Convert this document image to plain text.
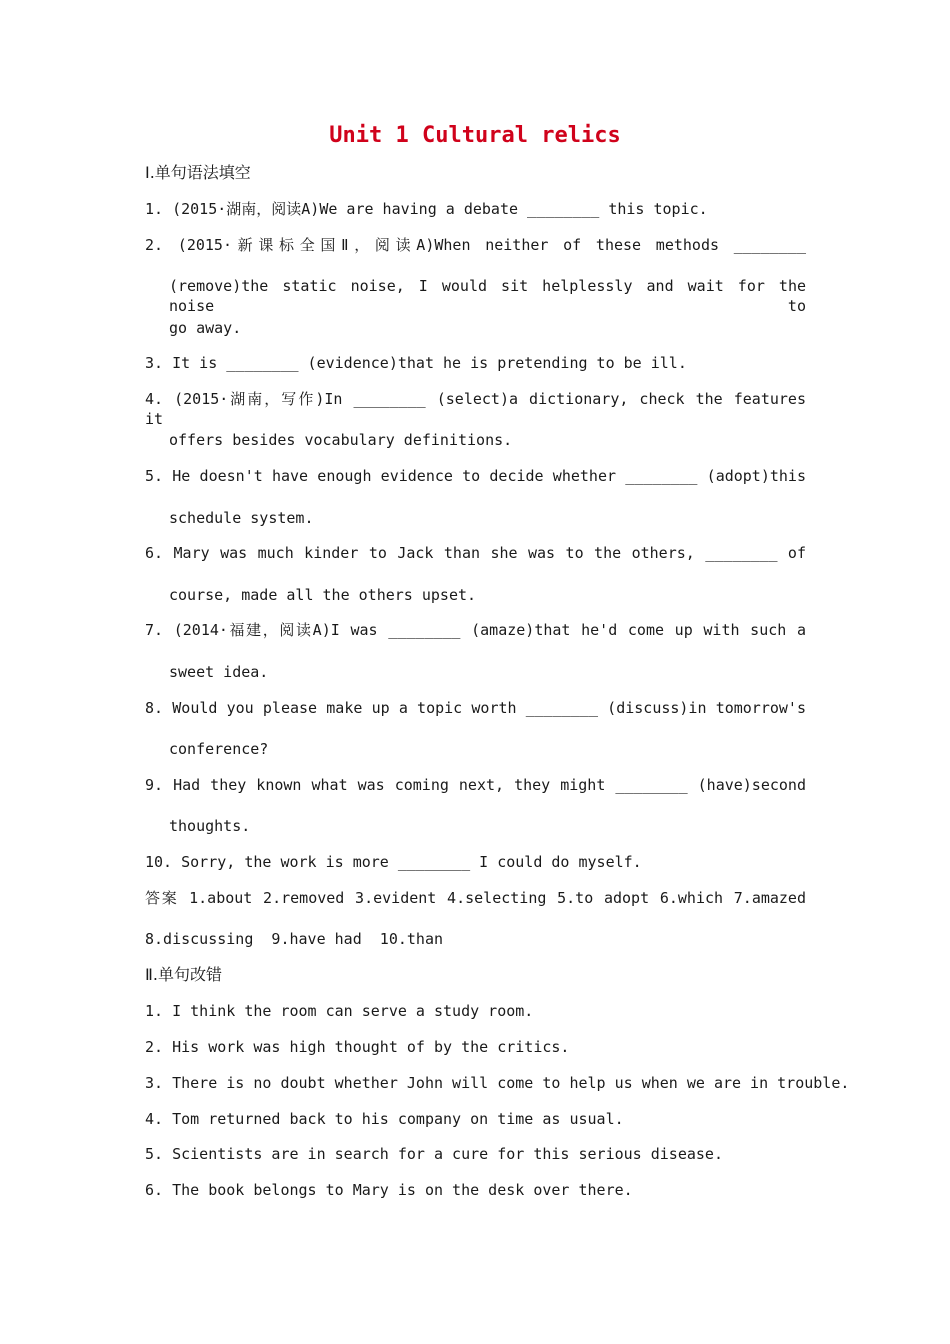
Unit 1 Cultural relics
Ⅰ.单句语法填空
1. (2015·湖南，阅读A)We are having a debate ________ this topic.
2. (2015·新课标全国Ⅱ，阅读A)When neither of these methods ________
(remove)the static noise, I would sit helplessly and wait for the noise to
go away.
3. It is ________ (evidence)that he is pretending to be ill.
4. (2015·湖南，写作)In ________ (select)a dictionary, check the features it
offers besides vocabulary definitions.
5. He doesn't have enough evidence to decide whether ________ (adopt)this
schedule system.
6. Mary was much kinder to Jack than she was to the others, ________ of
course, made all the others upset.
7. (2014·福建，阅读A)I was ________ (amaze)that he'd come up with such a
sweet idea.
8. Would you please make up a topic worth ________ (discuss)in tomorrow's
conference?
9. Had they known what was coming next, they might ________ (have)second
thoughts.
10. Sorry, the work is more ________ I could do myself.
答案 1.about 2.removed 3.evident 4.selecting 5.to adopt 6.which 7.amazed
8.discussing  9.have had  10.than
Ⅱ.单句改错
1. I think the room can serve a study room.
2. His work was high thought of by the critics.
3. There is no doubt whether John will come to help us when we are in trouble.
4. Tom returned back to his company on time as usual.
5. Scientists are in search for a cure for this serious disease.
6. The book belongs to Mary is on the desk over there.
